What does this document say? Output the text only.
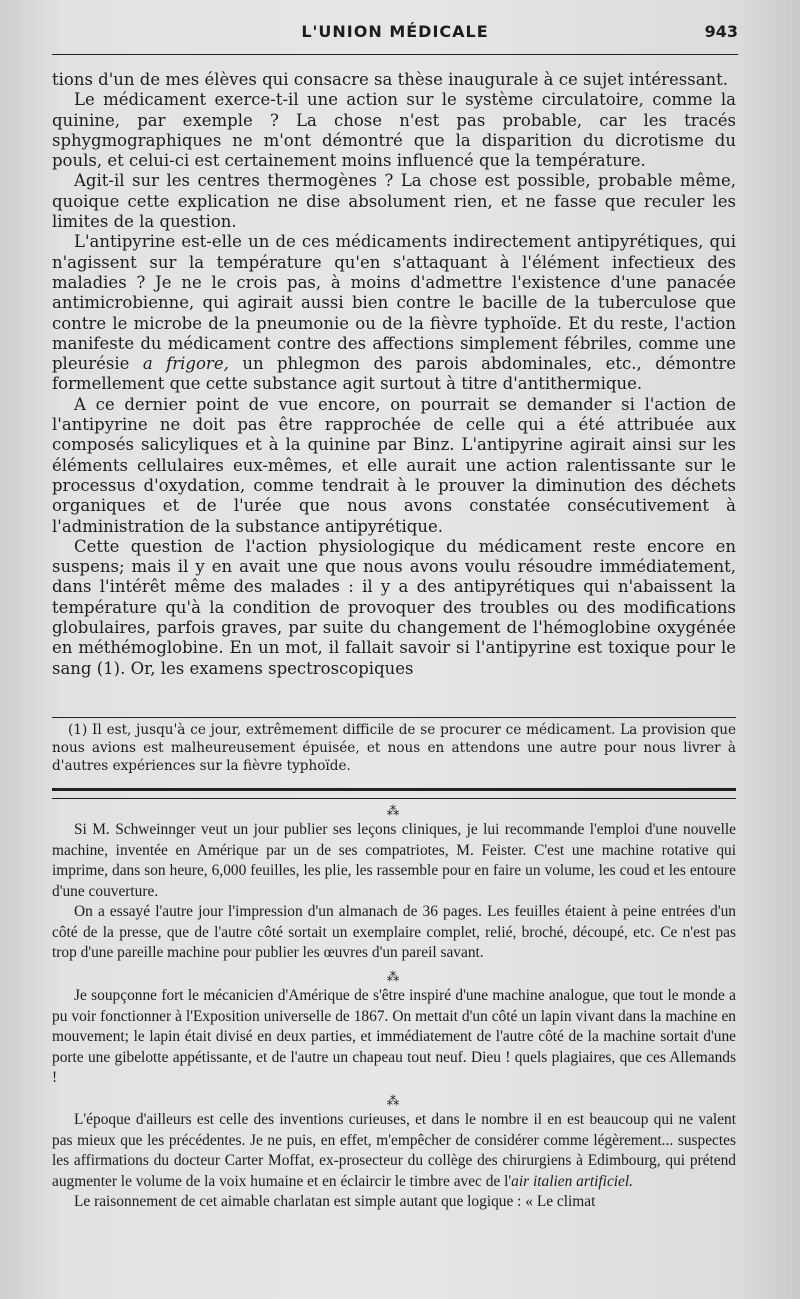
L'UNION MÉDICALE	943

tions d'un de mes élèves qui consacre sa thèse inaugurale à ce sujet intéressant.

Le médicament exerce-t-il une action sur le système circulatoire, comme la quinine, par exemple ? La chose n'est pas probable, car les tracés sphygmographiques ne m'ont démontré que la disparition du dicrotisme du pouls, et celui-ci est certainement moins influencé que la température.

Agit-il sur les centres thermogènes ? La chose est possible, probable même, quoique cette explication ne dise absolument rien, et ne fasse que reculer les limites de la question.

L'antipyrine est-elle un de ces médicaments indirectement antipyrétiques, qui n'agissent sur la température qu'en s'attaquant à l'élément infectieux des maladies ? Je ne le crois pas, à moins d'admettre l'existence d'une panacée antimicrobienne, qui agirait aussi bien contre le bacille de la tuberculose que contre le microbe de la pneumonie ou de la fièvre typhoïde. Et du reste, l'action manifeste du médicament contre des affections simplement fébriles, comme une pleurésie a frigore, un phlegmon des parois abdominales, etc., démontre formellement que cette substance agit surtout à titre d'antithermique.

A ce dernier point de vue encore, on pourrait se demander si l'action de l'antipyrine ne doit pas être rapprochée de celle qui a été attribuée aux composés salicyliques et à la quinine par Binz. L'antipyrine agirait ainsi sur les éléments cellulaires eux-mêmes, et elle aurait une action ralentissante sur le processus d'oxydation, comme tendrait à le prouver la diminution des déchets organiques et de l'urée que nous avons constatée consécutivement à l'administration de la substance antipyrétique.

Cette question de l'action physiologique du médicament reste encore en suspens; mais il y en avait une que nous avons voulu résoudre immédiatement, dans l'intérêt même des malades : il y a des antipyrétiques qui n'abaissent la température qu'à la condition de provoquer des troubles ou des modifications globulaires, parfois graves, par suite du changement de l'hémoglobine oxygénée en méthémoglobine. En un mot, il fallait savoir si l'antipyrine est toxique pour le sang (1). Or, les examens spectroscopiques

(1) Il est, jusqu'à ce jour, extrêmement difficile de se procurer ce médicament. La provision que nous avions est malheureusement épuisée, et nous en attendons une autre pour nous livrer à d'autres expériences sur la fièvre typhoïde.

⁂

Si M. Schweinnger veut un jour publier ses leçons cliniques, je lui recommande l'emploi d'une nouvelle machine, inventée en Amérique par un de ses compatriotes, M. Feister. C'est une machine rotative qui imprime, dans son heure, 6,000 feuilles, les plie, les rassemble pour en faire un volume, les coud et les entoure d'une couverture.

On a essayé l'autre jour l'impression d'un almanach de 36 pages. Les feuilles étaient à peine entrées d'un côté de la presse, que de l'autre côté sortait un exemplaire complet, relié, broché, découpé, etc. Ce n'est pas trop d'une pareille machine pour publier les œuvres d'un pareil savant.

⁂

Je soupçonne fort le mécanicien d'Amérique de s'être inspiré d'une machine analogue, que tout le monde a pu voir fonctionner à l'Exposition universelle de 1867. On mettait d'un côté un lapin vivant dans la machine en mouvement; le lapin était divisé en deux parties, et immédiatement de l'autre côté de la machine sortait d'une porte une gibelotte appétissante, et de l'autre un chapeau tout neuf. Dieu ! quels plagiaires, que ces Allemands !

⁂

L'époque d'ailleurs est celle des inventions curieuses, et dans le nombre il en est beaucoup qui ne valent pas mieux que les précédentes. Je ne puis, en effet, m'empêcher de considérer comme légèrement... suspectes les affirmations du docteur Carter Moffat, ex-prosecteur du collège des chirurgiens à Edimbourg, qui prétend augmenter le volume de la voix humaine et en éclaircir le timbre avec de l'air italien artificiel.

Le raisonnement de cet aimable charlatan est simple autant que logique : « Le climat
